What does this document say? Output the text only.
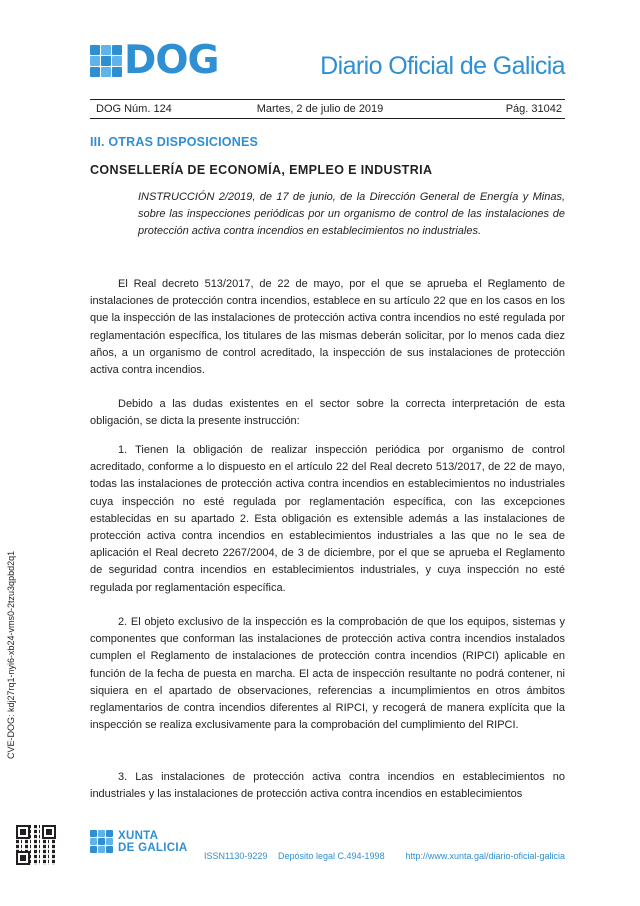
DOG	Diario Oficial de Galicia
DOG Núm. 124	Martes, 2 de julio de 2019	Pág. 31042
III. OTRAS DISPOSICIONES
CONSELLERÍA DE ECONOMÍA, EMPLEO E INDUSTRIA
INSTRUCCIÓN 2/2019, de 17 de junio, de la Dirección General de Energía y Minas, sobre las inspecciones periódicas por un organismo de control de las instalaciones de protección activa contra incendios en establecimientos no industriales.

El Real decreto 513/2017, de 22 de mayo, por el que se aprueba el Reglamento de instalaciones de protección contra incendios, establece en su artículo 22 que en los casos en los que la inspección de las instalaciones de protección activa contra incendios no esté regulada por reglamentación específica, los titulares de las mismas deberán solicitar, por lo menos cada diez años, a un organismo de control acreditado, la inspección de sus instalaciones de protección activa contra incendios.

Debido a las dudas existentes en el sector sobre la correcta interpretación de esta obligación, se dicta la presente instrucción:

1. Tienen la obligación de realizar inspección periódica por organismo de control acreditado, conforme a lo dispuesto en el artículo 22 del Real decreto 513/2017, de 22 de mayo, todas las instalaciones de protección activa contra incendios en establecimientos no industriales cuya inspección no esté regulada por reglamentación específica, con las excepciones establecidas en su apartado 2. Esta obligación es extensible además a las instalaciones de protección activa contra incendios en establecimientos industriales a las que no le sea de aplicación el Real decreto 2267/2004, de 3 de diciembre, por el que se aprueba el Reglamento de seguridad contra incendios en establecimientos industriales, y cuya inspección no esté regulada por reglamentación específica.

2. El objeto exclusivo de la inspección es la comprobación de que los equipos, sistemas y componentes que conforman las instalaciones de protección activa contra incendios instalados cumplen el Reglamento de instalaciones de protección contra incendios (RIPCI) aplicable en función de la fecha de puesta en marcha. El acta de inspección resultante no podrá contener, ni siquiera en el apartado de observaciones, referencias a incumplimientos en otros ámbitos reglamentarios de contra incendios diferentes al RIPCI, y recogerá de manera explícita que la inspección se realiza exclusivamente para la comprobación del cumplimiento del RIPCI.

3. Las instalaciones de protección activa contra incendios en establecimientos no industriales y las instalaciones de protección activa contra incendios en establecimientos

CVE-DOG: kdj27rq1-nyi6-xb24-vms0-2tzu3qpbd2q1
XUNTA
DE GALICIA
ISSN1130-9229 Depósito legal C.494-1998 http://www.xunta.gal/diario-oficial-galicia
